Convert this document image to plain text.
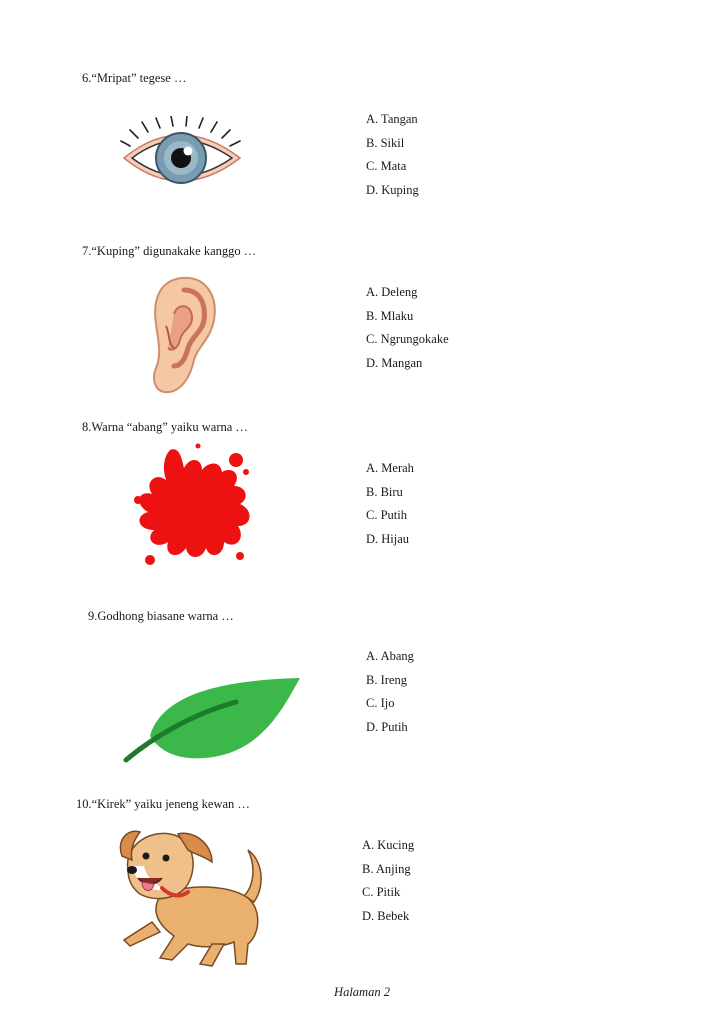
6.“Mripat” tegese …
A. Tangan
B. Sikil
C. Mata
D. Kuping
7.“Kuping” digunakake kanggo …
A. Deleng
B. Mlaku
C. Ngrungokake
D. Mangan
8.Warna “abang” yaiku warna …
A. Merah
B. Biru
C. Putih
D. Hijau
9.Godhong biasane warna …
A. Abang
B. Ireng
C. Ijo
D. Putih
10.“Kirek” yaiku jeneng kewan …
A. Kucing
B. Anjing
C. Pitik
D. Bebek
Halaman 2
